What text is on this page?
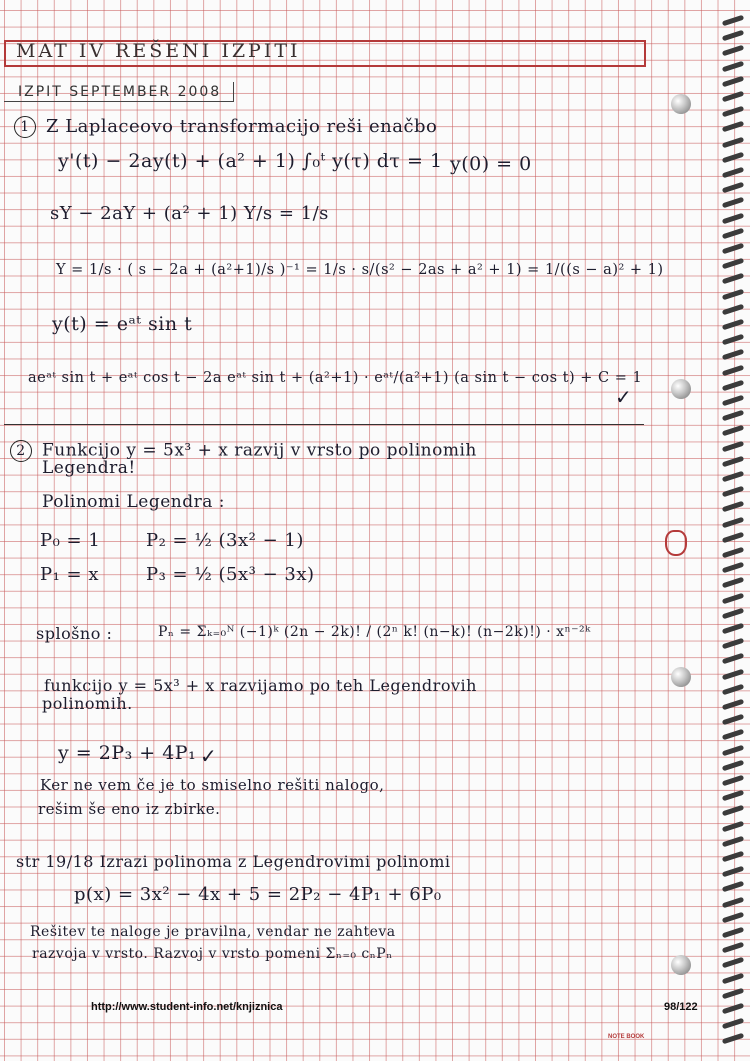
MAT IV REŠENI IZPITI
IZPIT SEPTEMBER 2008
1 Z Laplaceovo transformacijo reši enačbo
y'(t) − 2ay(t) + (a² + 1) ∫₀ᵗ y(τ) dτ = 1 y(0) = 0
sY − 2aY + (a² + 1) Y/s = 1/s
Y = 1/s · ( s − 2a + (a²+1)/s )⁻¹ = 1/s · s/(s² − 2as + a² + 1) = 1/((s − a)² + 1)
y(t) = eᵃᵗ sin t
aeᵃᵗ sin t + eᵃᵗ cos t − 2a eᵃᵗ sin t + (a²+1) · eᵃᵗ/(a²+1) (a sin t − cos t) + C = 1
✓
2 Funkcijo y = 5x³ + x razvij v vrsto po polinomih
Legendra!
Polinomi Legendra :
P₀ = 1	P₂ = ½ (3x² − 1)
P₁ = x	P₃ = ½ (5x³ − 3x)
splošno :	Pₙ = Σₖ₌₀ᴺ (−1)ᵏ (2n − 2k)! / (2ⁿ k! (n−k)! (n−2k)!) · xⁿ⁻²ᵏ
funkcijo y = 5x³ + x razvijamo po teh Legendrovih
polinomih.
y = 2P₃ + 4P₁ ✓
Ker ne vem če je to smiselno rešiti nalogo,
rešim še eno iz zbirke.
str 19/18 Izrazi polinoma z Legendrovimi polinomi
p(x) = 3x² − 4x + 5 = 2P₂ − 4P₁ + 6P₀
Rešitev te naloge je pravilna, vendar ne zahteva
razvoja v vrsto. Razvoj v vrsto pomeni Σₙ₌₀ cₙPₙ
http://www.student-info.net/knjiznica	98/122
NOTE BOOK
